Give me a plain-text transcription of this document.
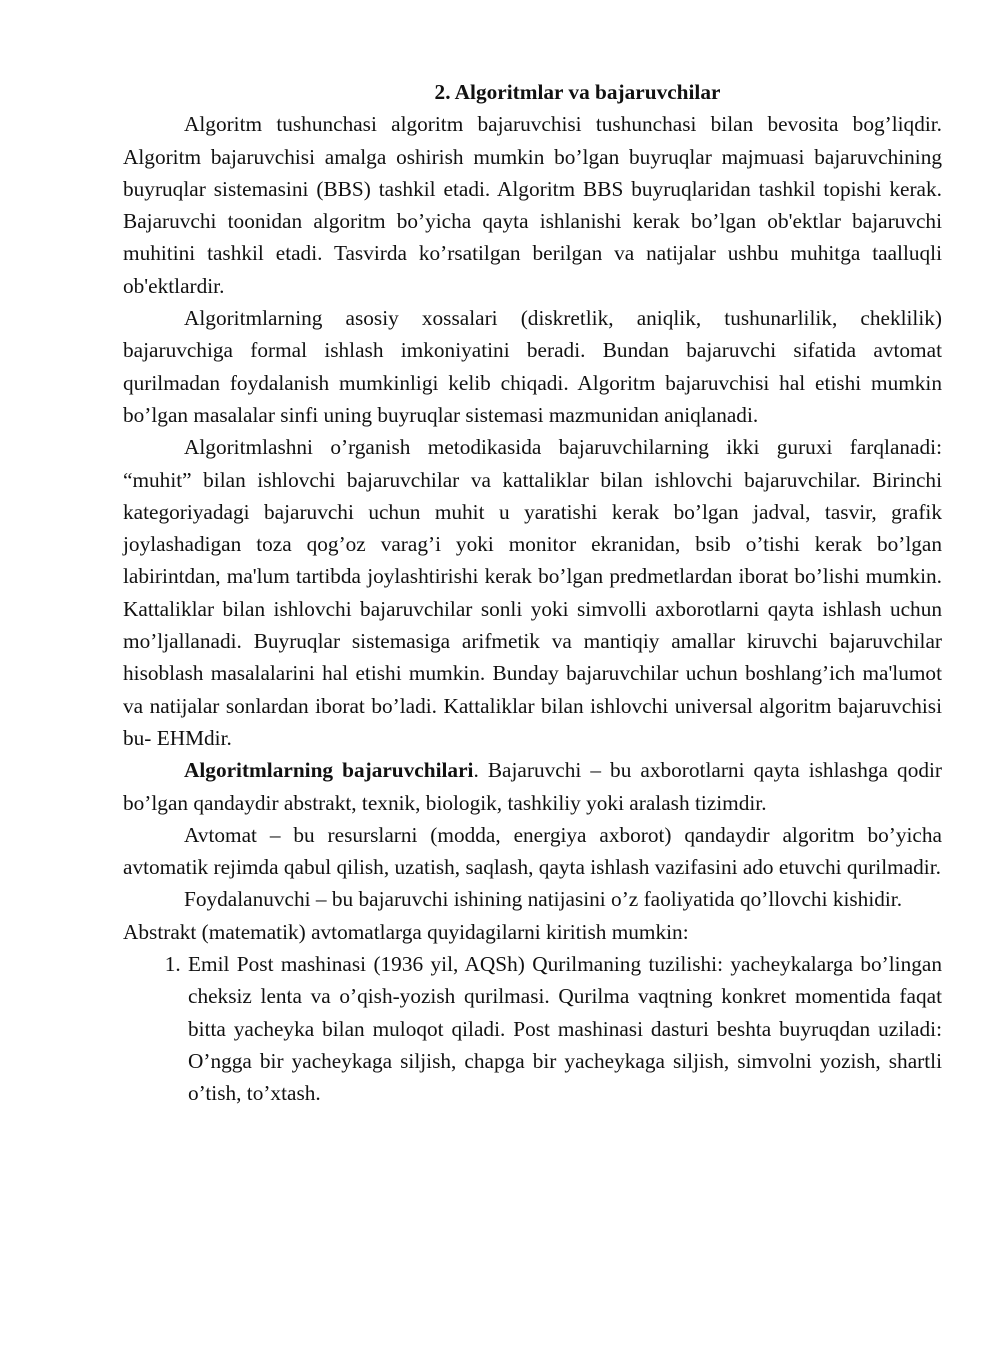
2. Algoritmlar va bajaruvchilar

Algoritm tushunchasi algoritm bajaruvchisi tushunchasi bilan bevosita bog’liqdir. Algoritm bajaruvchisi amalga oshirish mumkin bo’lgan buyruqlar majmuasi bajaruvchining buyruqlar sistemasini (BBS) tashkil etadi. Algoritm BBS buyruqlaridan tashkil topishi kerak. Bajaruvchi toonidan algoritm bo’yicha qayta ishlanishi kerak bo’lgan ob'ektlar bajaruvchi muhitini tashkil etadi. Tasvirda ko’rsatilgan berilgan va natijalar ushbu muhitga taalluqli ob'ektlardir.

Algoritmlarning asosiy xossalari (diskretlik, aniqlik, tushunarlilik, cheklilik) bajaruvchiga formal ishlash imkoniyatini beradi. Bundan bajaruvchi sifatida avtomat qurilmadan foydalanish mumkinligi kelib chiqadi. Algoritm bajaruvchisi hal etishi mumkin bo’lgan masalalar sinfi uning buyruqlar sistemasi mazmunidan aniqlanadi.

Algoritmlashni o’rganish metodikasida bajaruvchilarning ikki guruxi farqlanadi: “muhit” bilan ishlovchi bajaruvchilar va kattaliklar bilan ishlovchi bajaruvchilar. Birinchi kategoriyadagi bajaruvchi uchun muhit u yaratishi kerak bo’lgan jadval, tasvir, grafik joylashadigan toza qog’oz varag’i yoki monitor ekranidan, bsib o’tishi kerak bo’lgan labirintdan, ma'lum tartibda joylashtirishi kerak bo’lgan predmetlardan iborat bo’lishi mumkin. Kattaliklar bilan ishlovchi bajaruvchilar sonli yoki simvolli axborotlarni qayta ishlash uchun mo’ljallanadi. Buyruqlar sistemasiga arifmetik va mantiqiy amallar kiruvchi bajaruvchilar hisoblash masalalarini hal etishi mumkin. Bunday bajaruvchilar uchun boshlang’ich ma'lumot va natijalar sonlardan iborat bo’ladi. Kattaliklar bilan ishlovchi universal algoritm bajaruvchisi bu- EHMdir.

Algoritmlarning bajaruvchilari. Bajaruvchi – bu axborotlarni qayta ishlashga qodir bo’lgan qandaydir abstrakt, texnik, biologik, tashkiliy yoki aralash tizimdir.

Avtomat – bu resurslarni (modda, energiya axborot) qandaydir algoritm bo’yicha avtomatik rejimda qabul qilish, uzatish, saqlash, qayta ishlash vazifasini ado etuvchi qurilmadir.

Foydalanuvchi – bu bajaruvchi ishining natijasini o’z faoliyatida qo’llovchi kishidir.

Abstrakt (matematik) avtomatlarga quyidagilarni kiritish mumkin:

1. Emil Post mashinasi (1936 yil, AQSh) Qurilmaning tuzilishi: yacheykalarga bo’lingan cheksiz lenta va o’qish-yozish qurilmasi. Qurilma vaqtning konkret momentida faqat bitta yacheyka bilan muloqot qiladi. Post mashinasi dasturi beshta buyruqdan uziladi: O’ngga bir yacheykaga siljish, chapga bir yacheykaga siljish, simvolni yozish, shartli o’tish, to’xtash.
